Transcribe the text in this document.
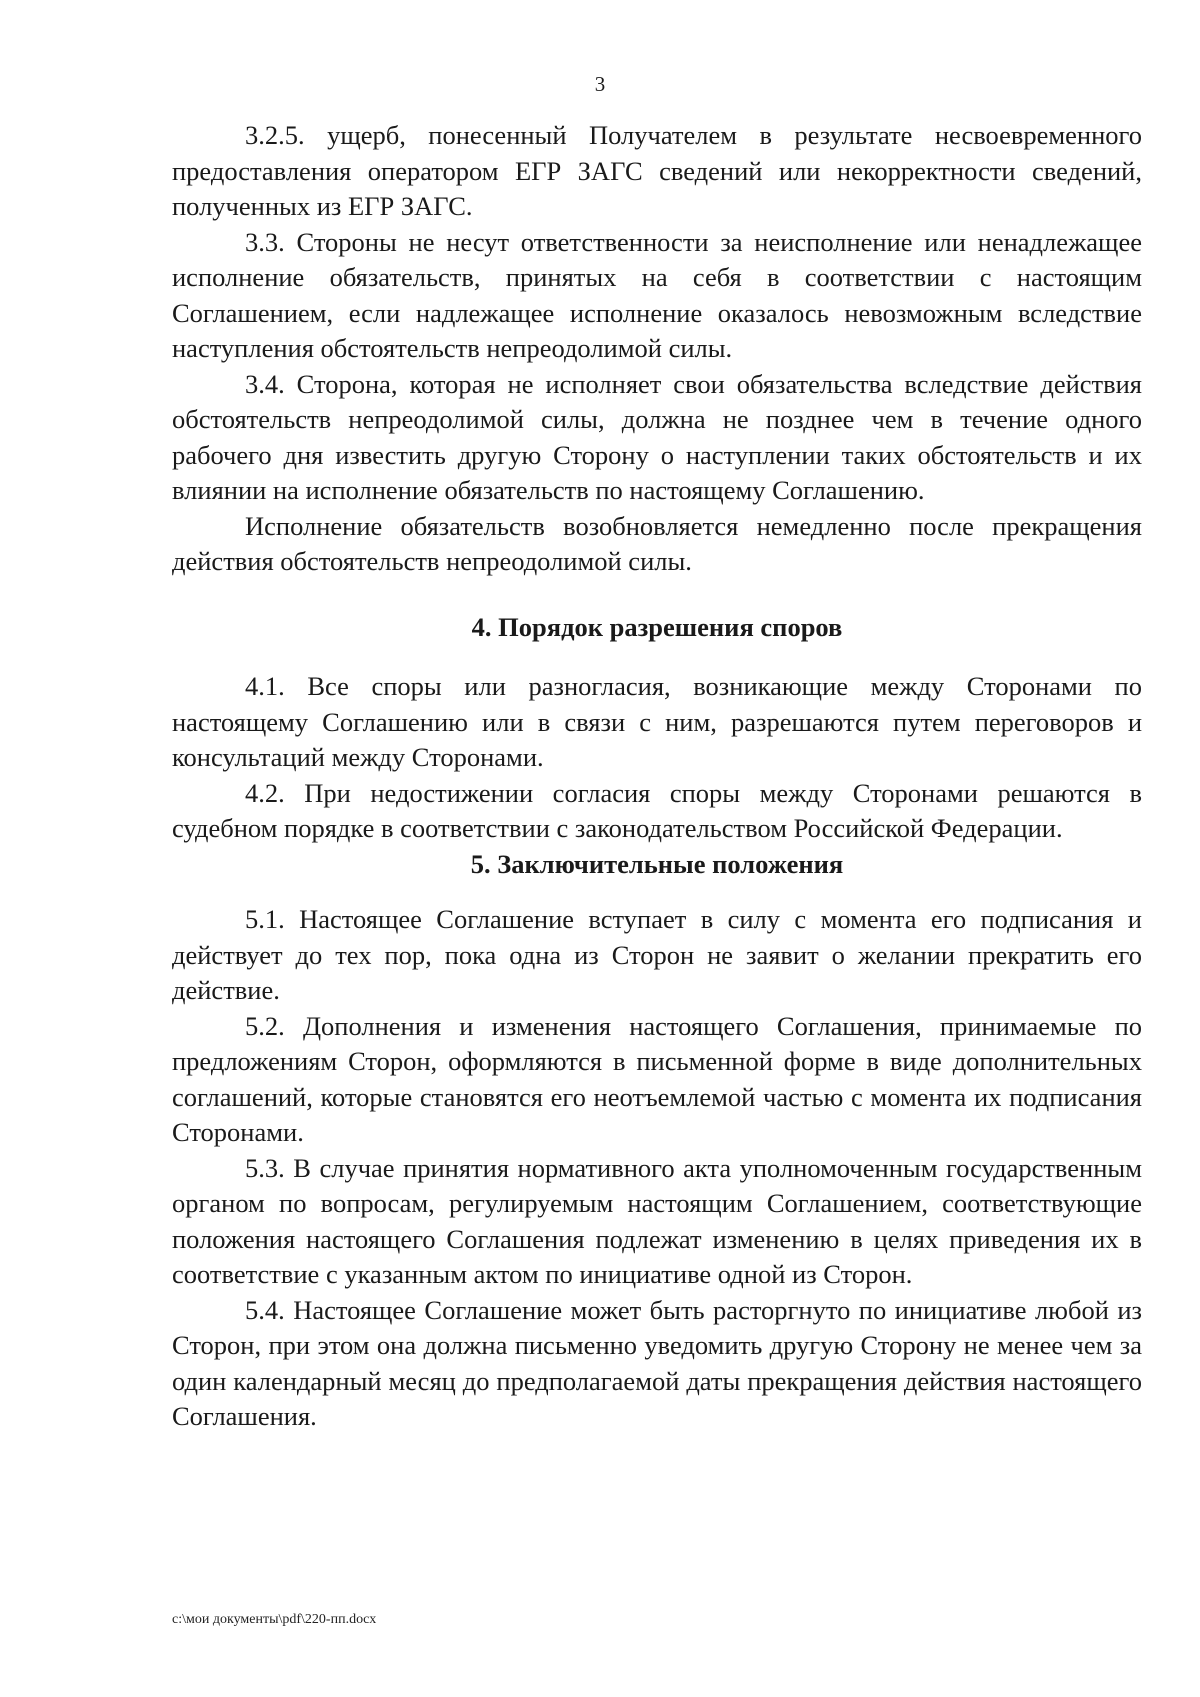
3

3.2.5. ущерб, понесенный Получателем в результате несвоевременного предоставления оператором ЕГР ЗАГС сведений или некорректности сведений, полученных из ЕГР ЗАГС.

3.3. Стороны не несут ответственности за неисполнение или ненадлежащее исполнение обязательств, принятых на себя в соответствии с настоящим Соглашением, если надлежащее исполнение оказалось невозможным вследствие наступления обстоятельств непреодолимой силы.

3.4. Сторона, которая не исполняет свои обязательства вследствие действия обстоятельств непреодолимой силы, должна не позднее чем в течение одного рабочего дня известить другую Сторону о наступлении таких обстоятельств и их влиянии на исполнение обязательств по настоящему Соглашению.

Исполнение обязательств возобновляется немедленно после прекращения действия обстоятельств непреодолимой силы.

4. Порядок разрешения споров

4.1. Все споры или разногласия, возникающие между Сторонами по настоящему Соглашению или в связи с ним, разрешаются путем переговоров и консультаций между Сторонами.

4.2. При недостижении согласия споры между Сторонами решаются в судебном порядке в соответствии с законодательством Российской Федерации.

5. Заключительные положения

5.1. Настоящее Соглашение вступает в силу с момента его подписания и действует до тех пор, пока одна из Сторон не заявит о желании прекратить его действие.

5.2. Дополнения и изменения настоящего Соглашения, принимаемые по предложениям Сторон, оформляются в письменной форме в виде дополнительных соглашений, которые становятся его неотъемлемой частью с момента их подписания Сторонами.

5.3. В случае принятия нормативного акта уполномоченным государственным органом по вопросам, регулируемым настоящим Соглашением, соответствующие положения настоящего Соглашения подлежат изменению в целях приведения их в соответствие с указанным актом по инициативе одной из Сторон.

5.4. Настоящее Соглашение может быть расторгнуто по инициативе любой из Сторон, при этом она должна письменно уведомить другую Сторону не менее чем за один календарный месяц до предполагаемой даты прекращения действия настоящего Соглашения.

c:\мои документы\pdf\220-пп.docx
